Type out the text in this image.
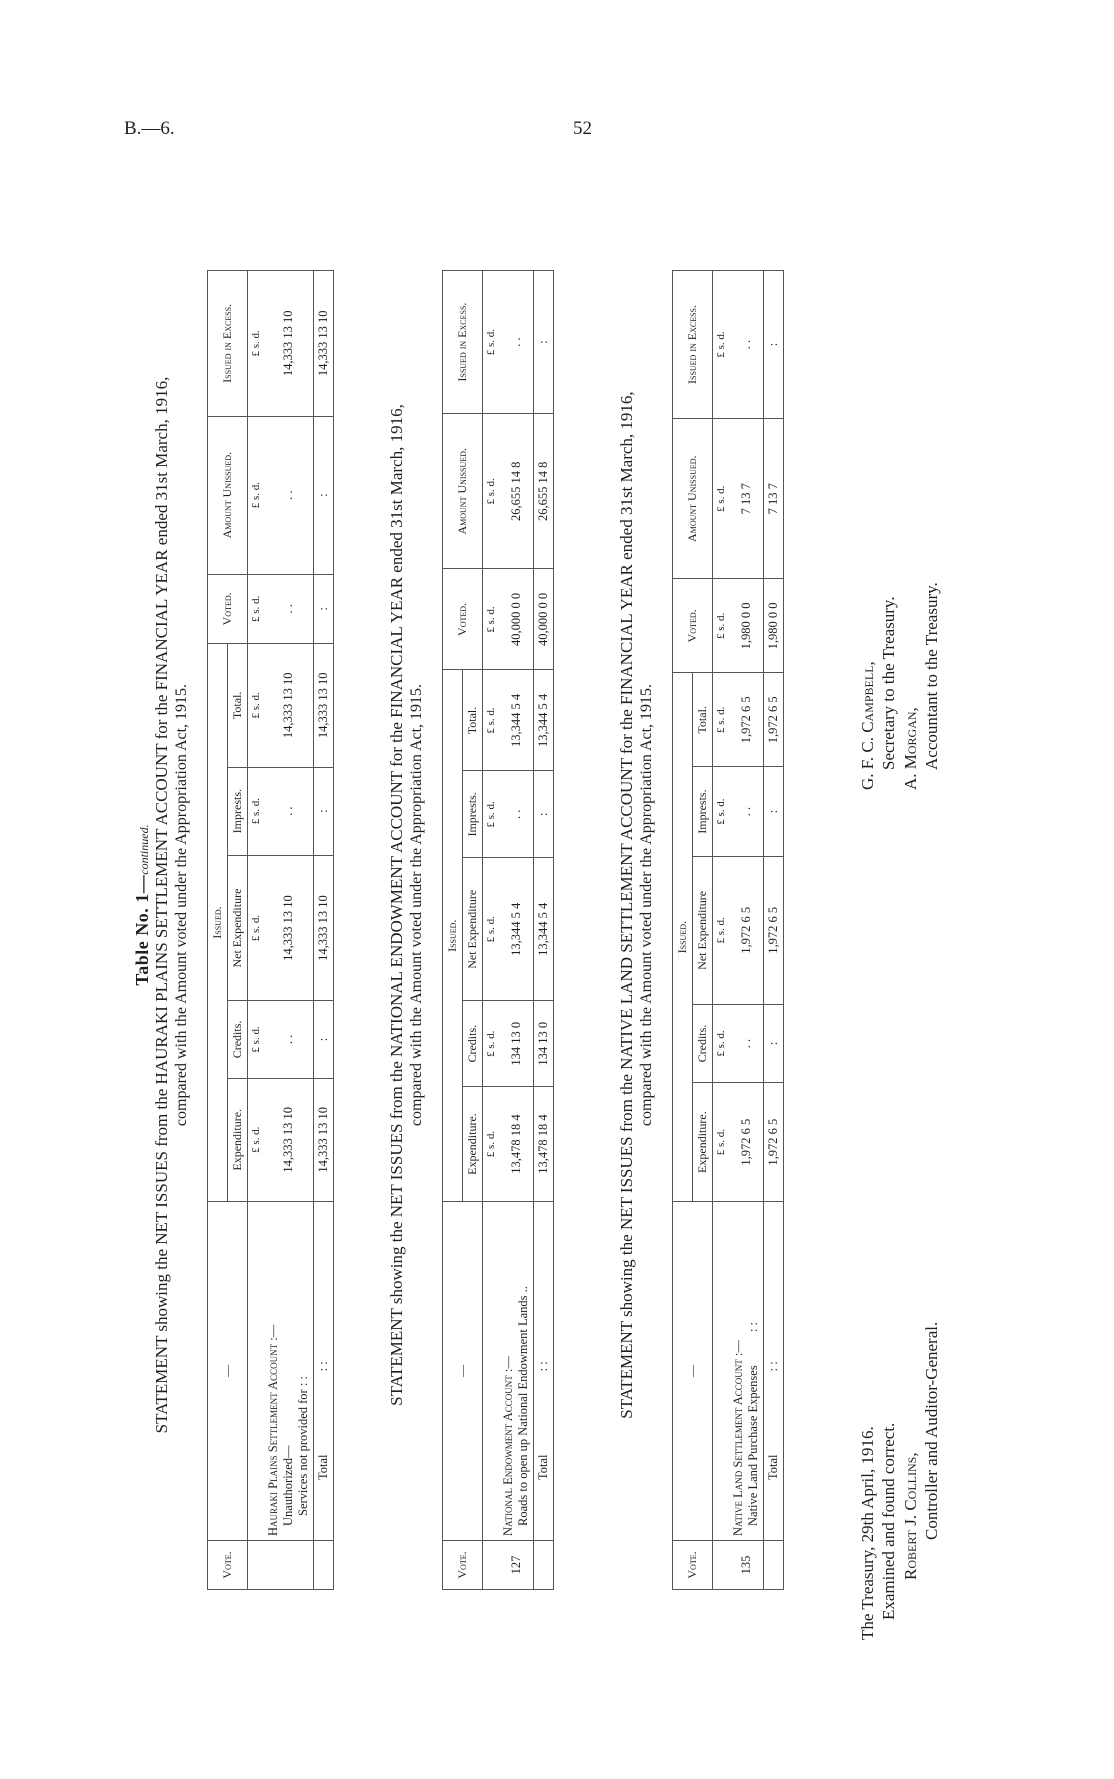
B.—6.	52
Table No. 1—continued. STATEMENT showing the NET ISSUES from the HAURAKI PLAINS SETTLEMENT ACCOUNT for the FINANCIAL YEAR ended 31st March, 1916, compared with the Amount voted under the Appropriation Act, 1915.
Vote.	—	Issued.					Voted.	Amount Unissued.	Issued in Excess.
		Expenditure.	Credits.	Net Expenditure	Imprests.	Total.			
		£ s. d.	£ s. d.	£ s. d.	£ s. d.	£ s. d.	£ s. d.	£ s. d.	£ s. d.

	Hauraki Plains Settlement Account :— Unauthorized— Services not provided for : :	14,333 13 10	. .	14,333 13 10	. .	14,333 13 10	. .	. .	14,333 13 10
	Total : :	14,333 13 10	:	14,333 13 10	:	14,333 13 10	:	:	14,333 13 10
STATEMENT showing the NET ISSUES from the NATIONAL ENDOWMENT ACCOUNT for the FINANCIAL YEAR ended 31st March, 1916, compared with the Amount voted under the Appropriation Act, 1915.
Vote.	—	Issued.					Voted.	Amount Unissued.	Issued in Excess.
		Expenditure.	Credits.	Net Expenditure	Imprests.	Total.			
		£ s. d.	£ s. d.	£ s. d.	£ s. d.	£ s. d.	£ s. d.	£ s. d.	£ s. d.
127	National Endowment Account :— Roads to open up National Endowment Lands ..	13,478 18 4	134 13 0	13,344 5 4	. .	13,344 5 4	40,000 0 0	26,655 14 8	. .
	Total : :	13,478 18 4	134 13 0	13,344 5 4	:	13,344 5 4	40,000 0 0	26,655 14 8	:
STATEMENT showing the NET ISSUES from the NATIVE LAND SETTLEMENT ACCOUNT for the FINANCIAL YEAR ended 31st March, 1916, compared with the Amount voted under the Appropriation Act, 1915.
Vote.	—	Issued.					Voted.	Amount Unissued.	Issued in Excess.
		Expenditure.	Credits.	Net Expenditure	Imprests.	Total.			
		£ s. d.	£ s. d.	£ s. d.	£ s. d.	£ s. d.	£ s. d.	£ s. d.	£ s. d.
135	Native Land Settlement Account :— Native Land Purchase Expenses : :	1,972 6 5	. .	1,972 6 5	. .	1,972 6 5	1,980 0 0	7 13 7	. .
	Total : :	1,972 6 5	:	1,972 6 5	:	1,972 6 5	1,980 0 0	7 13 7	:
The Treasury, 29th April, 1916. Examined and found correct. Robert J. Collins, Controller and Auditor-General.
G. F. C. Campbell, Secretary to the Treasury. A. Morgan, Accountant to the Treasury.
